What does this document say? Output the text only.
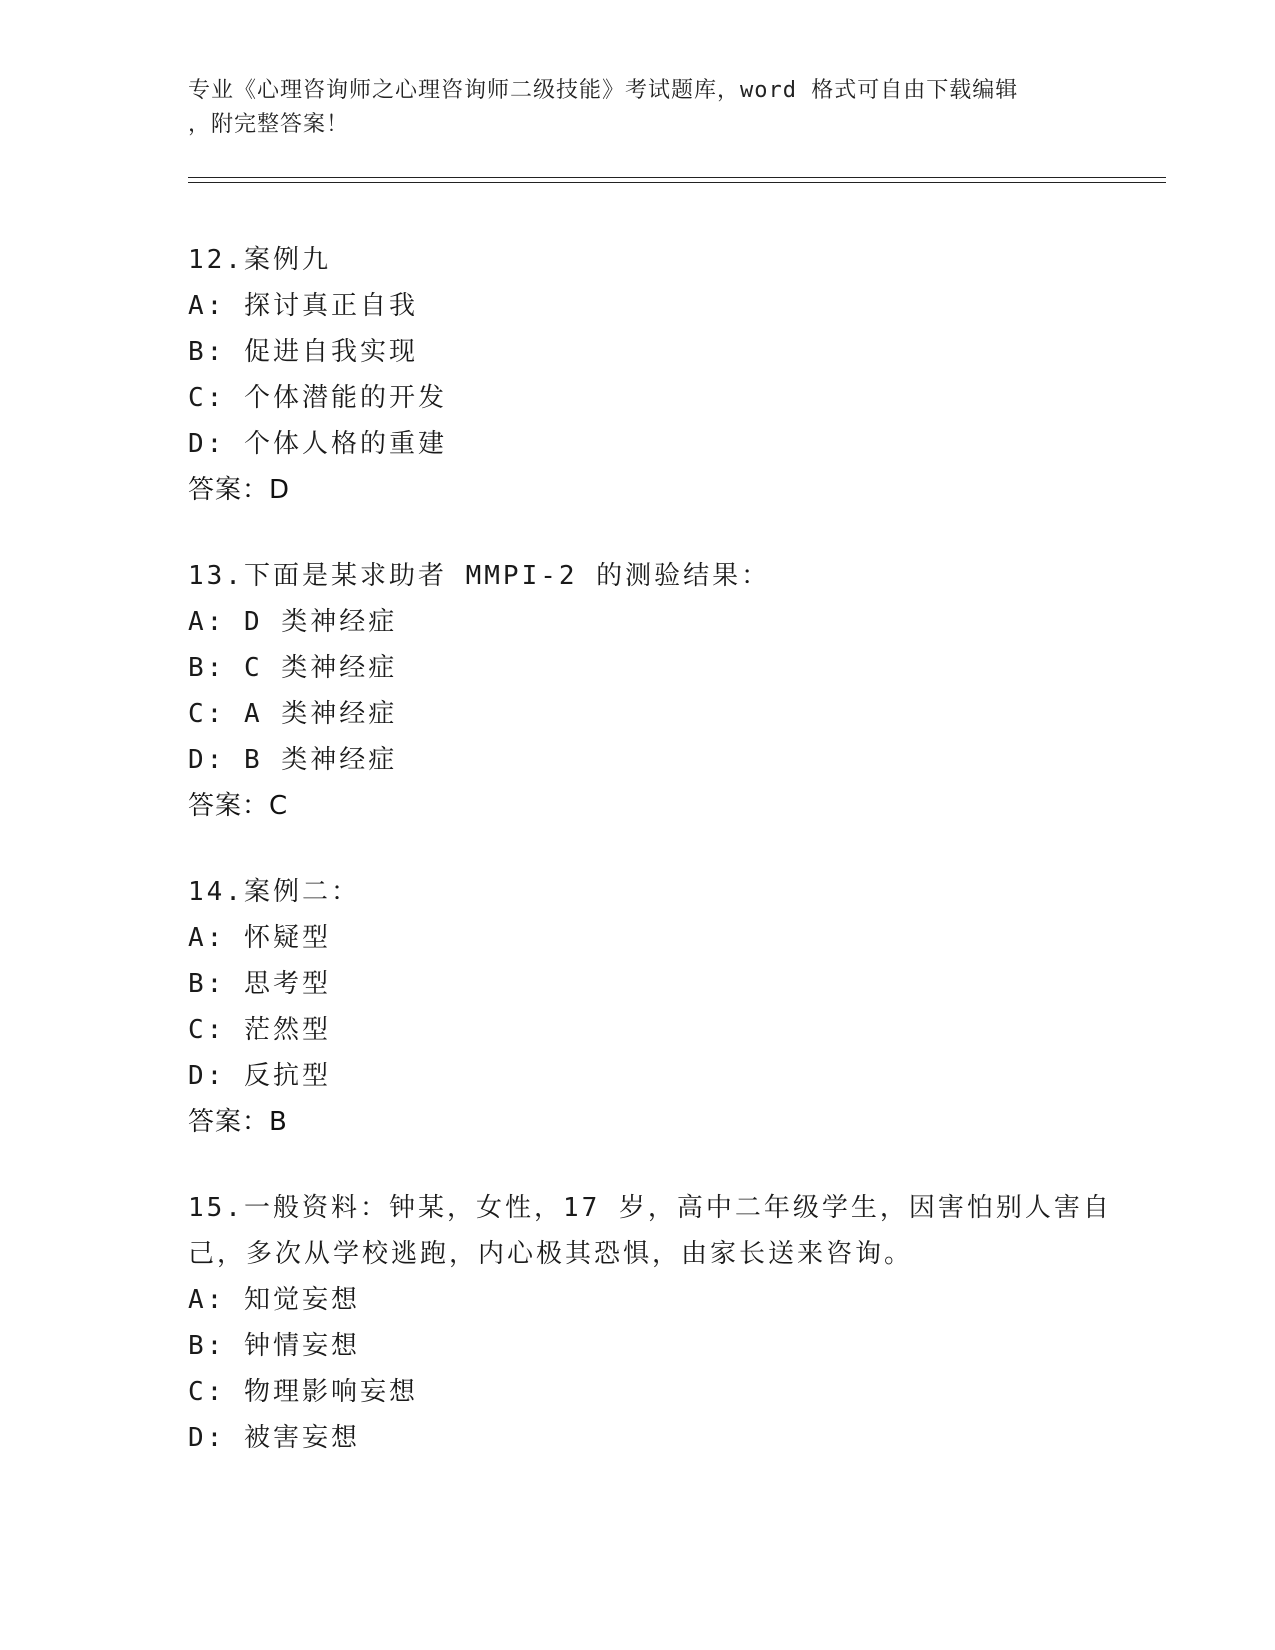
专业《心理咨询师之心理咨询师二级技能》考试题库，word 格式可自由下载编辑
，附完整答案！
12.案例九
A: 探讨真正自我
B: 促进自我实现
C: 个体潜能的开发
D: 个体人格的重建
答案：D
13.下面是某求助者 MMPI-2 的测验结果：
A: D 类神经症
B: C 类神经症
C: A 类神经症
D: B 类神经症
答案：C
14.案例二：
A: 怀疑型
B: 思考型
C: 茫然型
D: 反抗型
答案：B
15.一般资料：钟某，女性，17 岁，高中二年级学生，因害怕别人害自
己，多次从学校逃跑，内心极其恐惧，由家长送来咨询。
A: 知觉妄想
B: 钟情妄想
C: 物理影响妄想
D: 被害妄想
